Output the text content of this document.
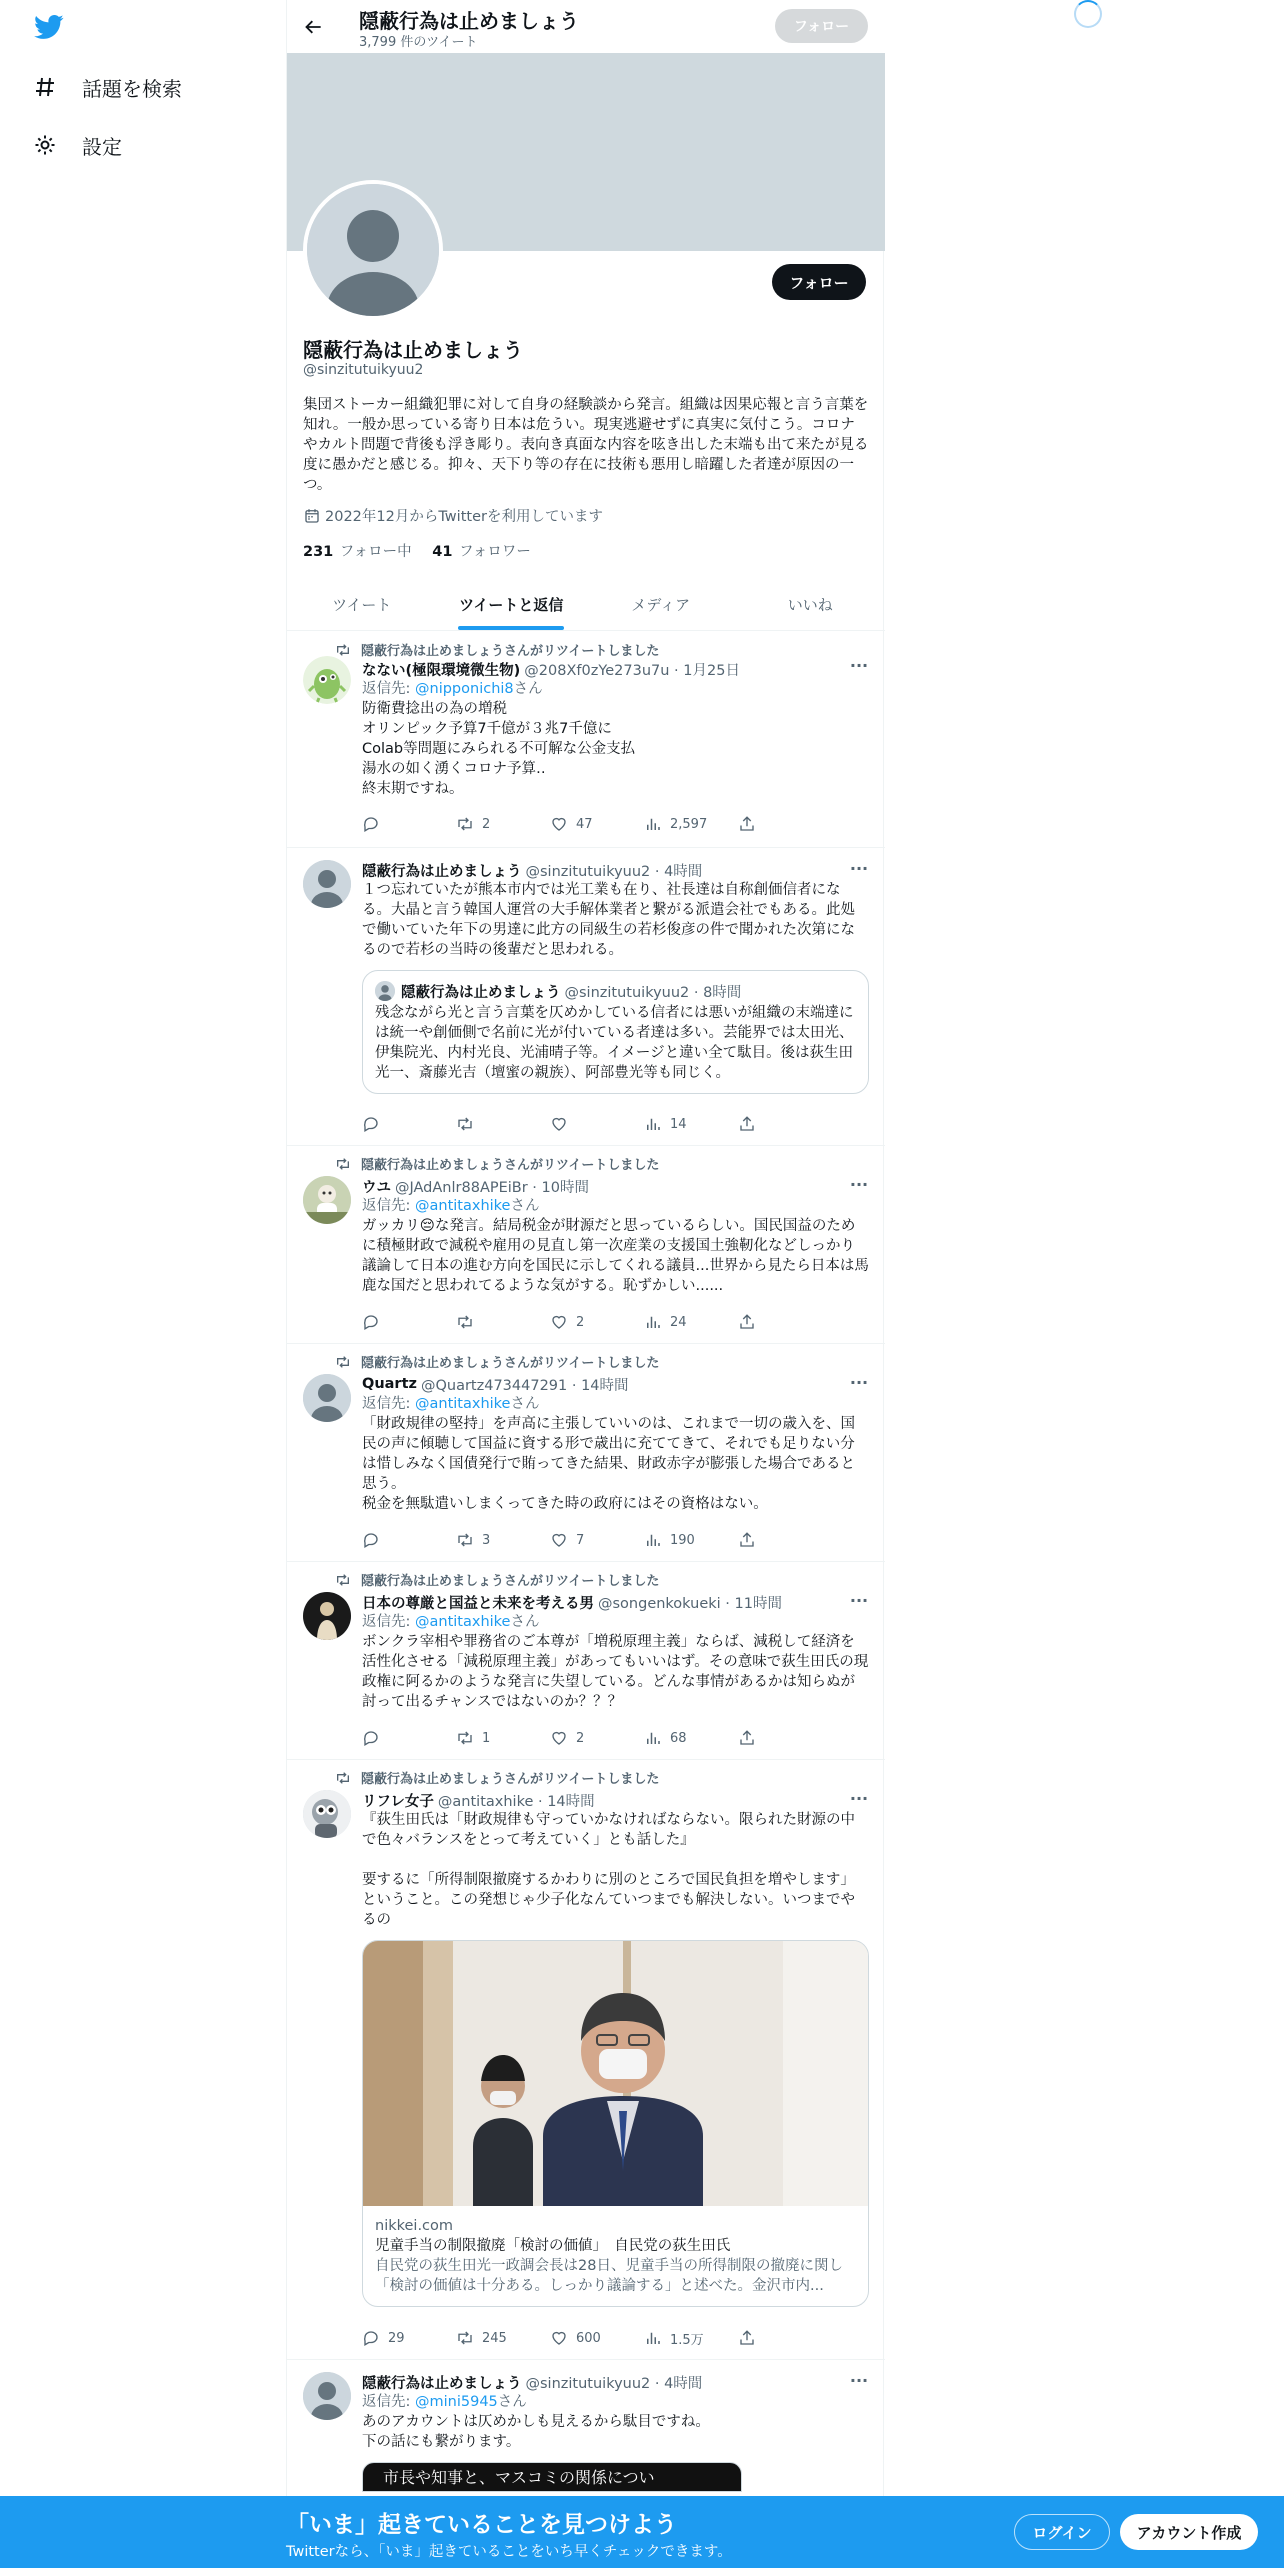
話題を検索
設定
隠蔽行為は止めましょう
3,799 件のツイート
フォロー
フォロー
隠蔽行為は止めましょう
@sinzitutuikyuu2
集団ストーカー組織犯罪に対して自身の経験談から発言。組織は因果応報と言う言葉を知れ。一般か思っている寄り日本は危うい。現実逃避せずに真実に気付こう。コロナやカルト問題で背後も浮き彫り。表向き真面な内容を呟き出した末端も出て来たが見る度に愚かだと感じる。抑々、天下り等の存在に技術も悪用し暗躍した者達が原因の一つ。
2022年12月からTwitterを利用しています
231 フォロー中 41 フォロワー
ツイート	ツイートと返信	メディア	いいね
隠蔽行為は止めましょうさんがリツイートしました
···
なない(極限環境微生物) @208Xf0zYe273u7u · 1月25日
返信先: @nipponichi8さん
防衛費捻出の為の増税
オリンピック予算7千億が３兆7千億に
Colab等問題にみられる不可解な公金支払
湯水の如く湧くコロナ予算‥
終末期ですね。
2	47	2,597
···
隠蔽行為は止めましょう @sinzitutuikyuu2 · 4時間
１つ忘れていたが熊本市内では光工業も在り、社長達は自称創価信者になる。大晶と言う韓国人運営の大手解体業者と繋がる派遣会社でもある。此処で働いていた年下の男達に此方の同級生の若杉俊彦の件で聞かれた次第になるので若杉の当時の後輩だと思われる。
隠蔽行為は止めましょう @sinzitutuikyuu2 · 8時間
残念ながら光と言う言葉を仄めかしている信者には悪いが組織の末端達には統一や創価側で名前に光が付いている者達は多い。芸能界では太田光、伊集院光、内村光良、光浦晴子等。イメージと違い全て駄目。後は荻生田光一、斎藤光吉（壇蜜の親族）、阿部豊光等も同じく。
14
隠蔽行為は止めましょうさんがリツイートしました
···
ウユ @JAdAnlr88APEiBr · 10時間
返信先: @antitaxhikeさん
ガッカリ😔な発言。結局税金が財源だと思っているらしい。国民国益のために積極財政で減税や雇用の見直し第一次産業の支援国土強靭化などしっかり議論して日本の進む方向を国民に示してくれる議員...世界から見たら日本は馬鹿な国だと思われてるような気がする。恥ずかしい......
2	24
隠蔽行為は止めましょうさんがリツイートしました
···
Quartz @Quartz473447291 · 14時間
返信先: @antitaxhikeさん
「財政規律の堅持」を声高に主張していいのは、これまで一切の歳入を、国民の声に傾聴して国益に資する形で歳出に充ててきて、それでも足りない分は惜しみなく国債発行で賄ってきた結果、財政赤字が膨張した場合であると思う。
税金を無駄遣いしまくってきた時の政府にはその資格はない。
3	7	190
隠蔽行為は止めましょうさんがリツイートしました
···
日本の尊厳と国益と未来を考える男 @songenkokueki · 11時間
返信先: @antitaxhikeさん
ボンクラ宰相や罪務省のご本尊が「増税原理主義」ならば、減税して経済を活性化させる「減税原理主義」があってもいいはず。その意味で荻生田氏の現政権に阿るかのような発言に失望している。どんな事情があるかは知らぬが討って出るチャンスではないのか？？？
1	2	68
隠蔽行為は止めましょうさんがリツイートしました
···
リフレ女子 @antitaxhike · 14時間
『荻生田氏は「財政規律も守っていかなければならない。限られた財源の中で色々バランスをとって考えていく」とも話した』

要するに「所得制限撤廃するかわりに別のところで国民負担を増やします」ということ。この発想じゃ少子化なんていつまでも解決しない。いつまでやるの
nikkei.com
児童手当の制限撤廃「検討の価値」　自民党の荻生田氏
自民党の荻生田光一政調会長は28日、児童手当の所得制限の撤廃に関し「検討の価値は十分ある。しっかり議論する」と述べた。金沢市内...
29	245	600	1.5万
···
隠蔽行為は止めましょう @sinzitutuikyuu2 · 4時間
返信先: @mini5945さん
あのアカウントは仄めかしも見えるから駄目ですね。
下の話にも繋がります。
市長や知事と、マスコミの関係につい
「いま」起きていることを見つけよう
Twitterなら、「いま」起きていることをいち早くチェックできます。
ログイン	アカウント作成
